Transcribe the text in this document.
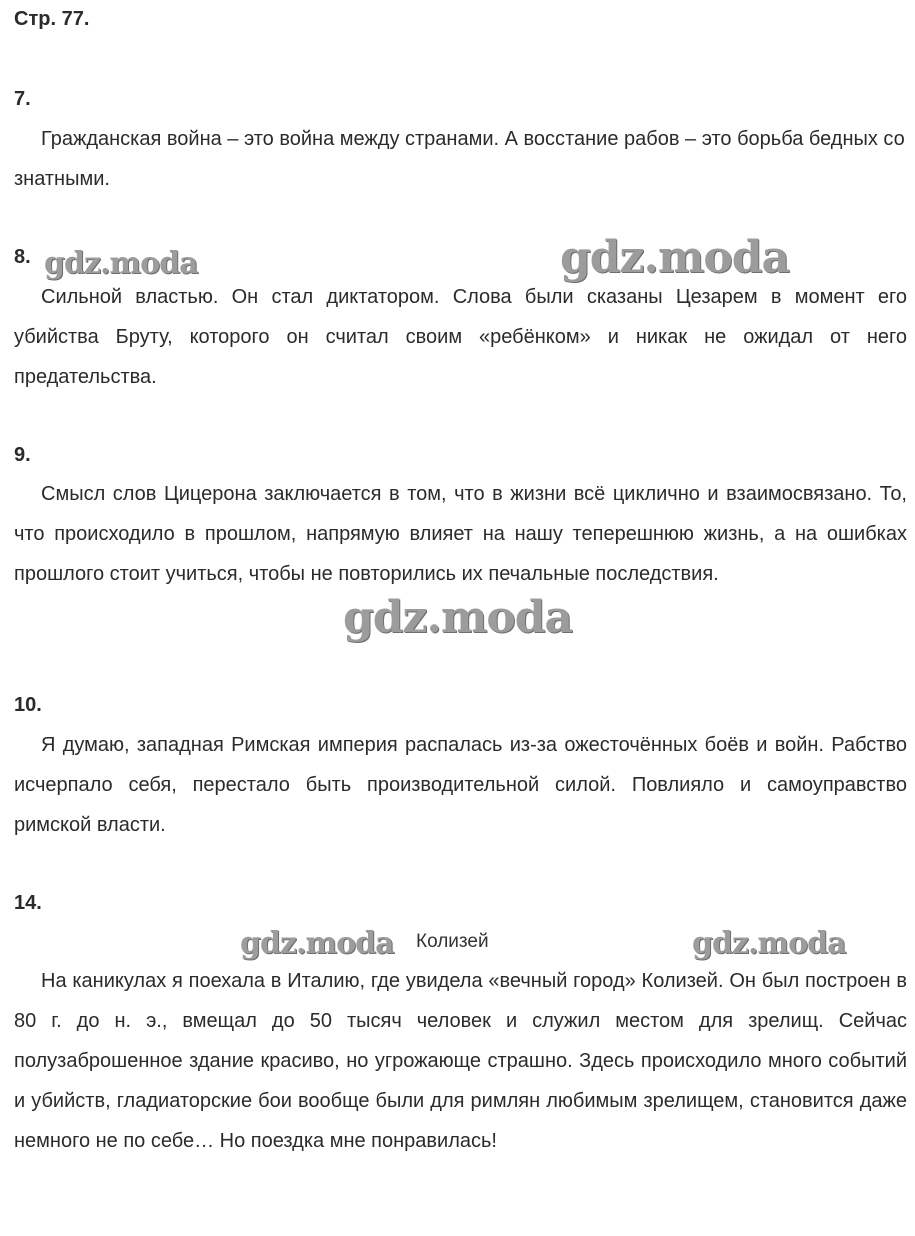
Стр. 77.
7.
Гражданская война – это война между странами. А восстание рабов – это борьба бедных со знатными.
8. gdz.moda	gdz.moda
Сильной властью. Он стал диктатором. Слова были сказаны Цезарем в момент его убийства Бруту, которого он считал своим «ребёнком» и никак не ожидал от него предательства.
9.
Смысл слов Цицерона заключается в том, что в жизни всё циклично и взаимосвязано. То, что происходило в прошлом, напрямую влияет на нашу теперешнюю жизнь, а на ошибках прошлого стоит учиться, чтобы не повторились их печальные последствия.
gdz.moda
10.
Я думаю, западная Римская империя распалась из-за ожесточённых боёв и войн. Рабство исчерпало себя, перестало быть производительной силой. Повлияло и самоуправство римской власти.
14.
gdz.moda Колизей	gdz.moda
На каникулах я поехала в Италию, где увидела «вечный город» Колизей. Он был построен в 80 г. до н. э., вмещал до 50 тысяч человек и служил местом для зрелищ. Сейчас полузаброшенное здание красиво, но угрожающе страшно. Здесь происходило много событий и убийств, гладиаторские бои вообще были для римлян любимым зрелищем, становится даже немного не по себе… Но поездка мне понравилась!
